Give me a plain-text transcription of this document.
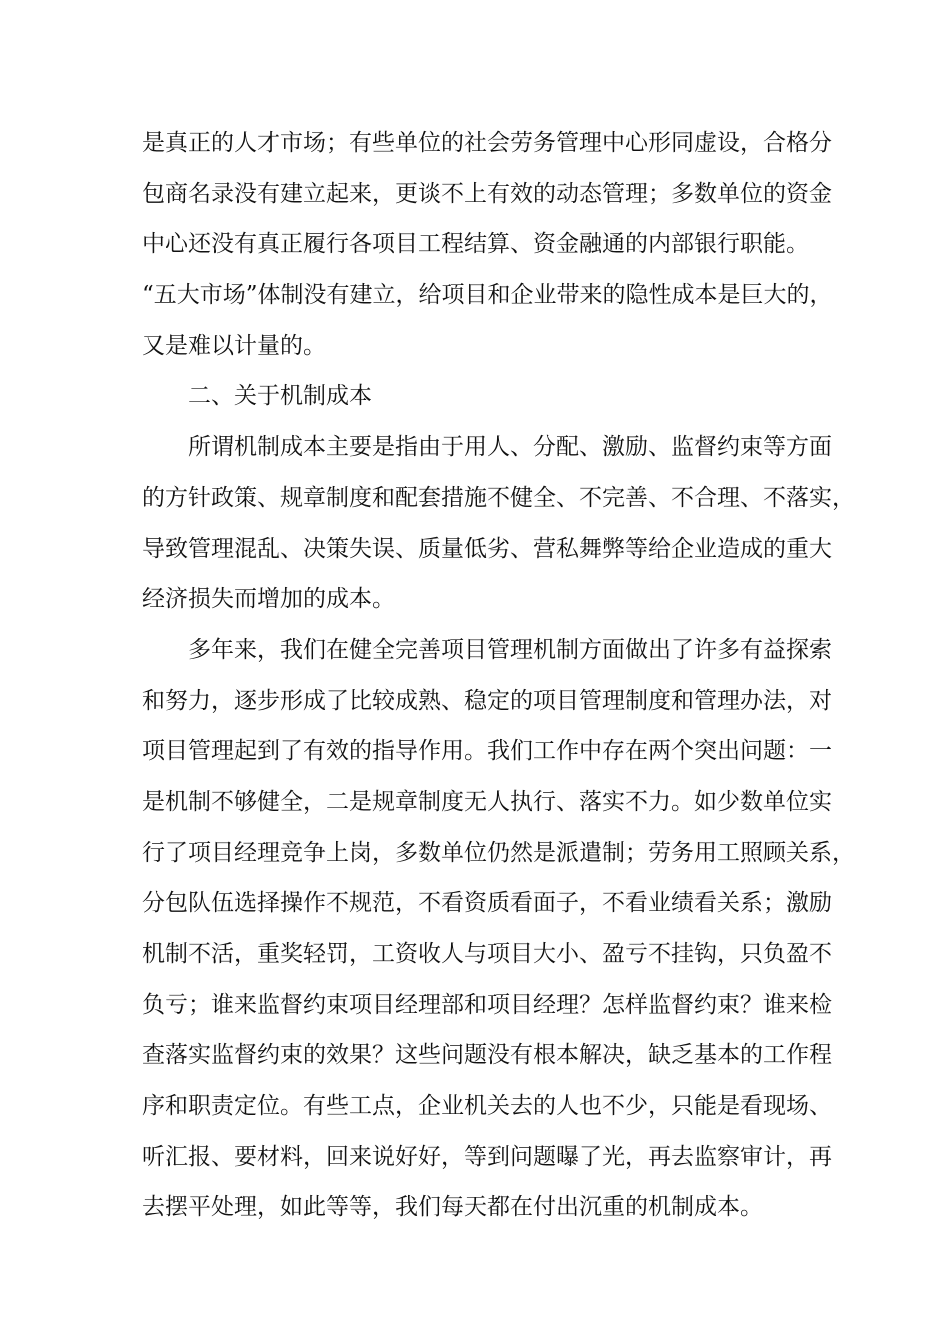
是真正的人才市场；有些单位的社会劳务管理中心形同虚设，合格分
包商名录没有建立起来，更谈不上有效的动态管理；多数单位的资金
中心还没有真正履行各项目工程结算、资金融通的内部银行职能。
“五大市场”体制没有建立，给项目和企业带来的隐性成本是巨大的，
又是难以计量的。
二、关于机制成本
所谓机制成本主要是指由于用人、分配、激励、监督约束等方面
的方针政策、规章制度和配套措施不健全、不完善、不合理、不落实，
导致管理混乱、决策失误、质量低劣、营私舞弊等给企业造成的重大
经济损失而增加的成本。
多年来，我们在健全完善项目管理机制方面做出了许多有益探索
和努力，逐步形成了比较成熟、稳定的项目管理制度和管理办法，对
项目管理起到了有效的指导作用。我们工作中存在两个突出问题：一
是机制不够健全，二是规章制度无人执行、落实不力。如少数单位实
行了项目经理竞争上岗，多数单位仍然是派遣制；劳务用工照顾关系，
分包队伍选择操作不规范，不看资质看面子，不看业绩看关系；激励
机制不活，重奖轻罚，工资收人与项目大小、盈亏不挂钩，只负盈不
负亏；谁来监督约束项目经理部和项目经理？怎样监督约束？谁来检
查落实监督约束的效果？这些问题没有根本解决，缺乏基本的工作程
序和职责定位。有些工点，企业机关去的人也不少，只能是看现场、
听汇报、要材料，回来说好好，等到问题曝了光，再去监察审计，再
去摆平处理，如此等等，我们每天都在付出沉重的机制成本。
